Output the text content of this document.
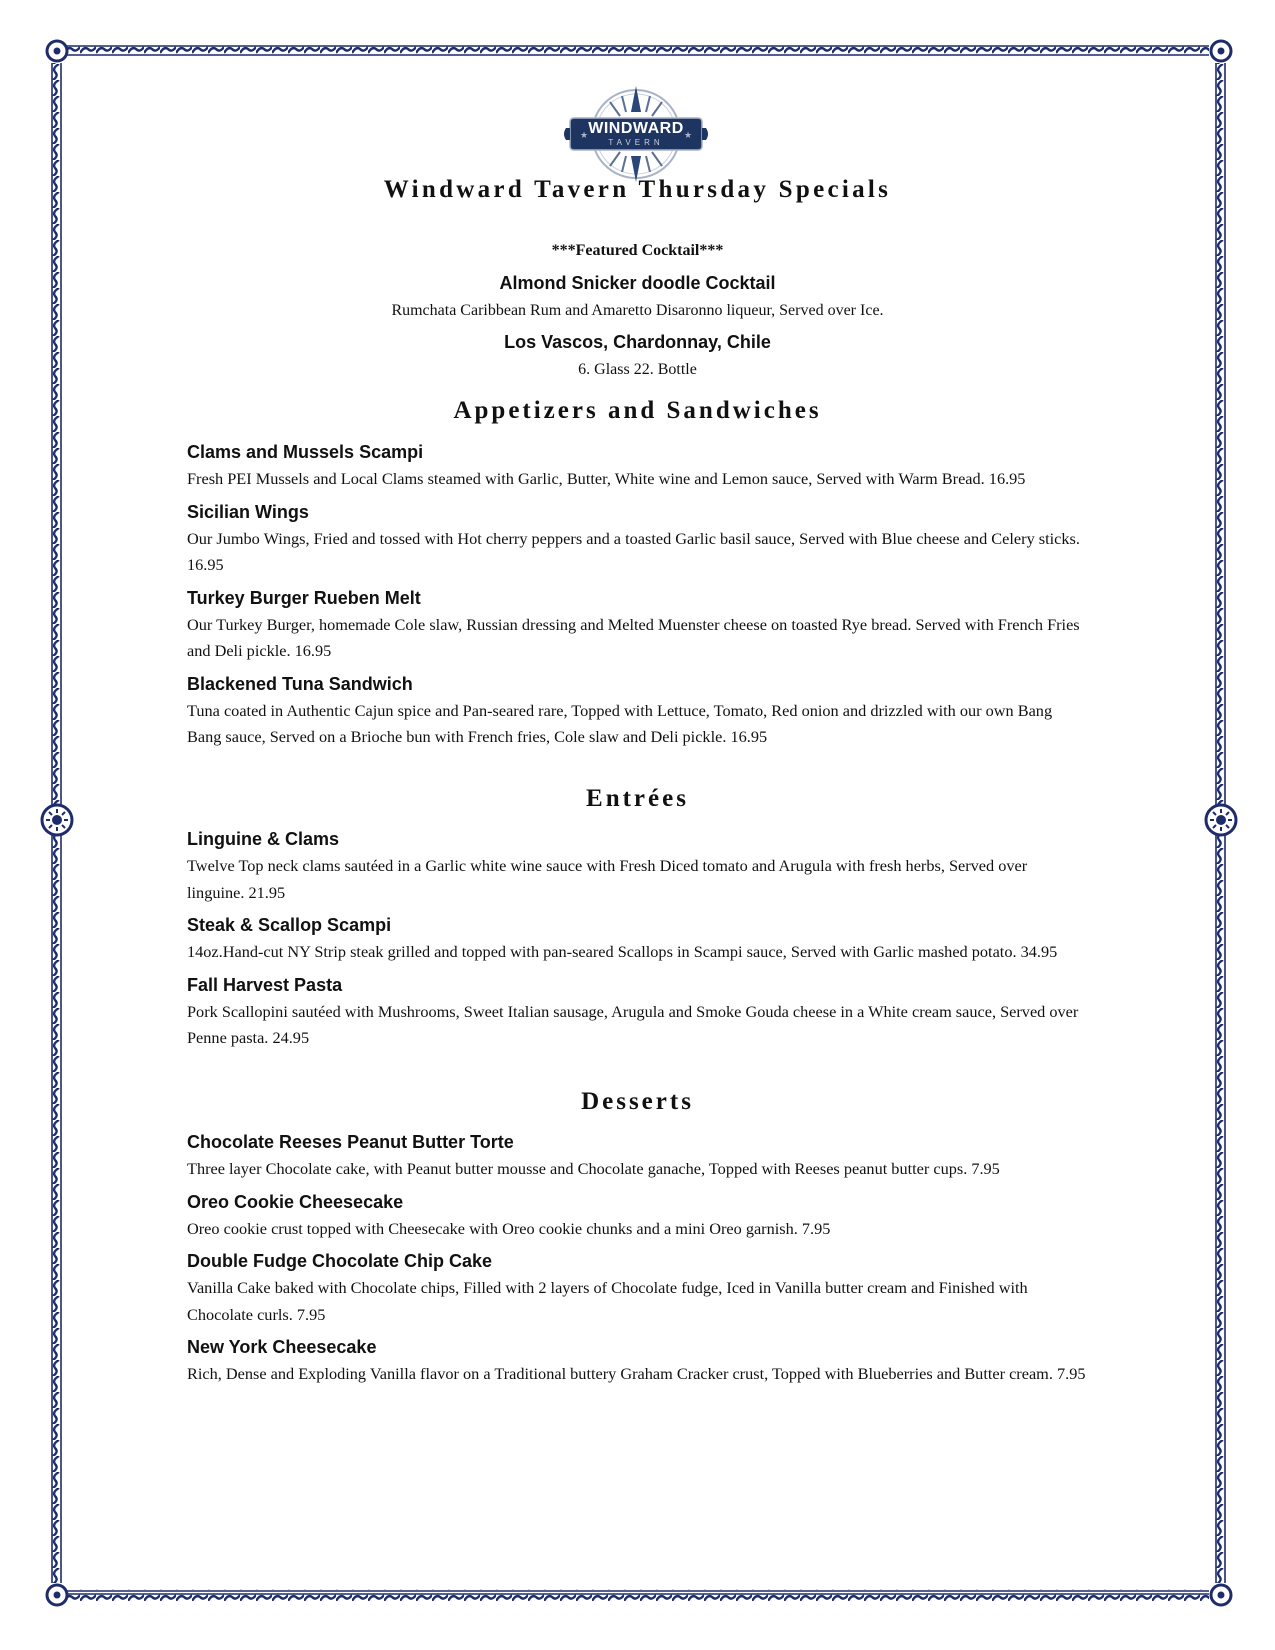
★	★
WINDWARD
TAVERN
Windward Tavern Thursday Specials
***Featured Cocktail***
Almond Snicker doodle Cocktail
Rumchata Caribbean Rum and Amaretto Disaronno liqueur, Served over Ice.
Los Vascos, Chardonnay, Chile
6. Glass 22. Bottle
Appetizers and Sandwiches

Clams and Mussels Scampi

Fresh PEI Mussels and Local Clams steamed with Garlic, Butter, White wine and Lemon sauce, Served with Warm Bread. 16.95

Sicilian Wings

Our Jumbo Wings, Fried and tossed with Hot cherry peppers and a toasted Garlic basil sauce, Served with Blue cheese and Celery sticks. 16.95

Turkey Burger Rueben Melt

Our Turkey Burger, homemade Cole slaw, Russian dressing and Melted Muenster cheese on toasted Rye bread. Served with French Fries and Deli pickle. 16.95

Blackened Tuna Sandwich

Tuna coated in Authentic Cajun spice and Pan-seared rare, Topped with Lettuce, Tomato, Red onion and drizzled with our own Bang Bang sauce, Served on a Brioche bun with French fries, Cole slaw and Deli pickle. 16.95

Entrées

Linguine & Clams

Twelve Top neck clams sautéed in a Garlic white wine sauce with Fresh Diced tomato and Arugula with fresh herbs, Served over linguine. 21.95

Steak & Scallop Scampi

14oz.Hand-cut NY Strip steak grilled and topped with pan-seared Scallops in Scampi sauce, Served with Garlic mashed potato. 34.95

Fall Harvest Pasta

Pork Scallopini sautéed with Mushrooms, Sweet Italian sausage, Arugula and Smoke Gouda cheese in a White cream sauce, Served over Penne pasta. 24.95

Desserts

Chocolate Reeses Peanut Butter Torte

Three layer Chocolate cake, with Peanut butter mousse and Chocolate ganache, Topped with Reeses peanut butter cups. 7.95

Oreo Cookie Cheesecake

Oreo cookie crust topped with Cheesecake with Oreo cookie chunks and a mini Oreo garnish. 7.95

Double Fudge Chocolate Chip Cake

Vanilla Cake baked with Chocolate chips, Filled with 2 layers of Chocolate fudge, Iced in Vanilla butter cream and Finished with Chocolate curls. 7.95

New York Cheesecake

Rich, Dense and Exploding Vanilla flavor on a Traditional buttery Graham Cracker crust, Topped with Blueberries and Butter cream. 7.95
